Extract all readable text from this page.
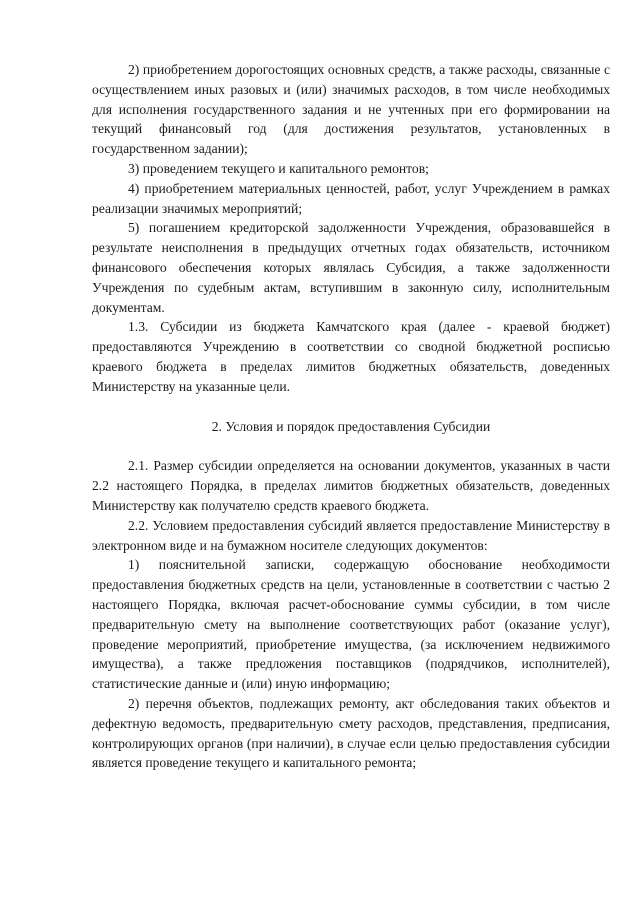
2) приобретением дорогостоящих основных средств, а также расходы, связанные с осуществлением иных разовых и (или) значимых расходов, в том числе необходимых для исполнения государственного задания и не учтенных при его формировании на текущий финансовый год (для достижения результатов, установленных в государственном задании);

3) проведением текущего и капитального ремонтов;

4) приобретением материальных ценностей, работ, услуг Учреждением в рамках реализации значимых мероприятий;

5) погашением кредиторской задолженности Учреждения, образовавшейся в результате неисполнения в предыдущих отчетных годах обязательств, источником финансового обеспечения которых являлась Субсидия, а также задолженности Учреждения по судебным актам, вступившим в законную силу, исполнительным документам.

1.3. Субсидии из бюджета Камчатского края (далее - краевой бюджет) предоставляются Учреждению в соответствии со сводной бюджетной росписью краевого бюджета в пределах лимитов бюджетных обязательств, доведенных Министерству на указанные цели.

2. Условия и порядок предоставления Субсидии

2.1. Размер субсидии определяется на основании документов, указанных в части 2.2 настоящего Порядка, в пределах лимитов бюджетных обязательств, доведенных Министерству как получателю средств краевого бюджета.

2.2. Условием предоставления субсидий является предоставление Министерству в электронном виде и на бумажном носителе следующих документов:

1) пояснительной записки, содержащую обоснование необходимости предоставления бюджетных средств на цели, установленные в соответствии с частью 2 настоящего Порядка, включая расчет-обоснование суммы субсидии, в том числе предварительную смету на выполнение соответствующих работ (оказание услуг), проведение мероприятий, приобретение имущества, (за исключением недвижимого имущества), а также предложения поставщиков (подрядчиков, исполнителей), статистические данные и (или) иную информацию;

2) перечня объектов, подлежащих ремонту, акт обследования таких объектов и дефектную ведомость, предварительную смету расходов, представления, предписания, контролирующих органов (при наличии), в случае если целью предоставления субсидии является проведение текущего и капитального ремонта;
